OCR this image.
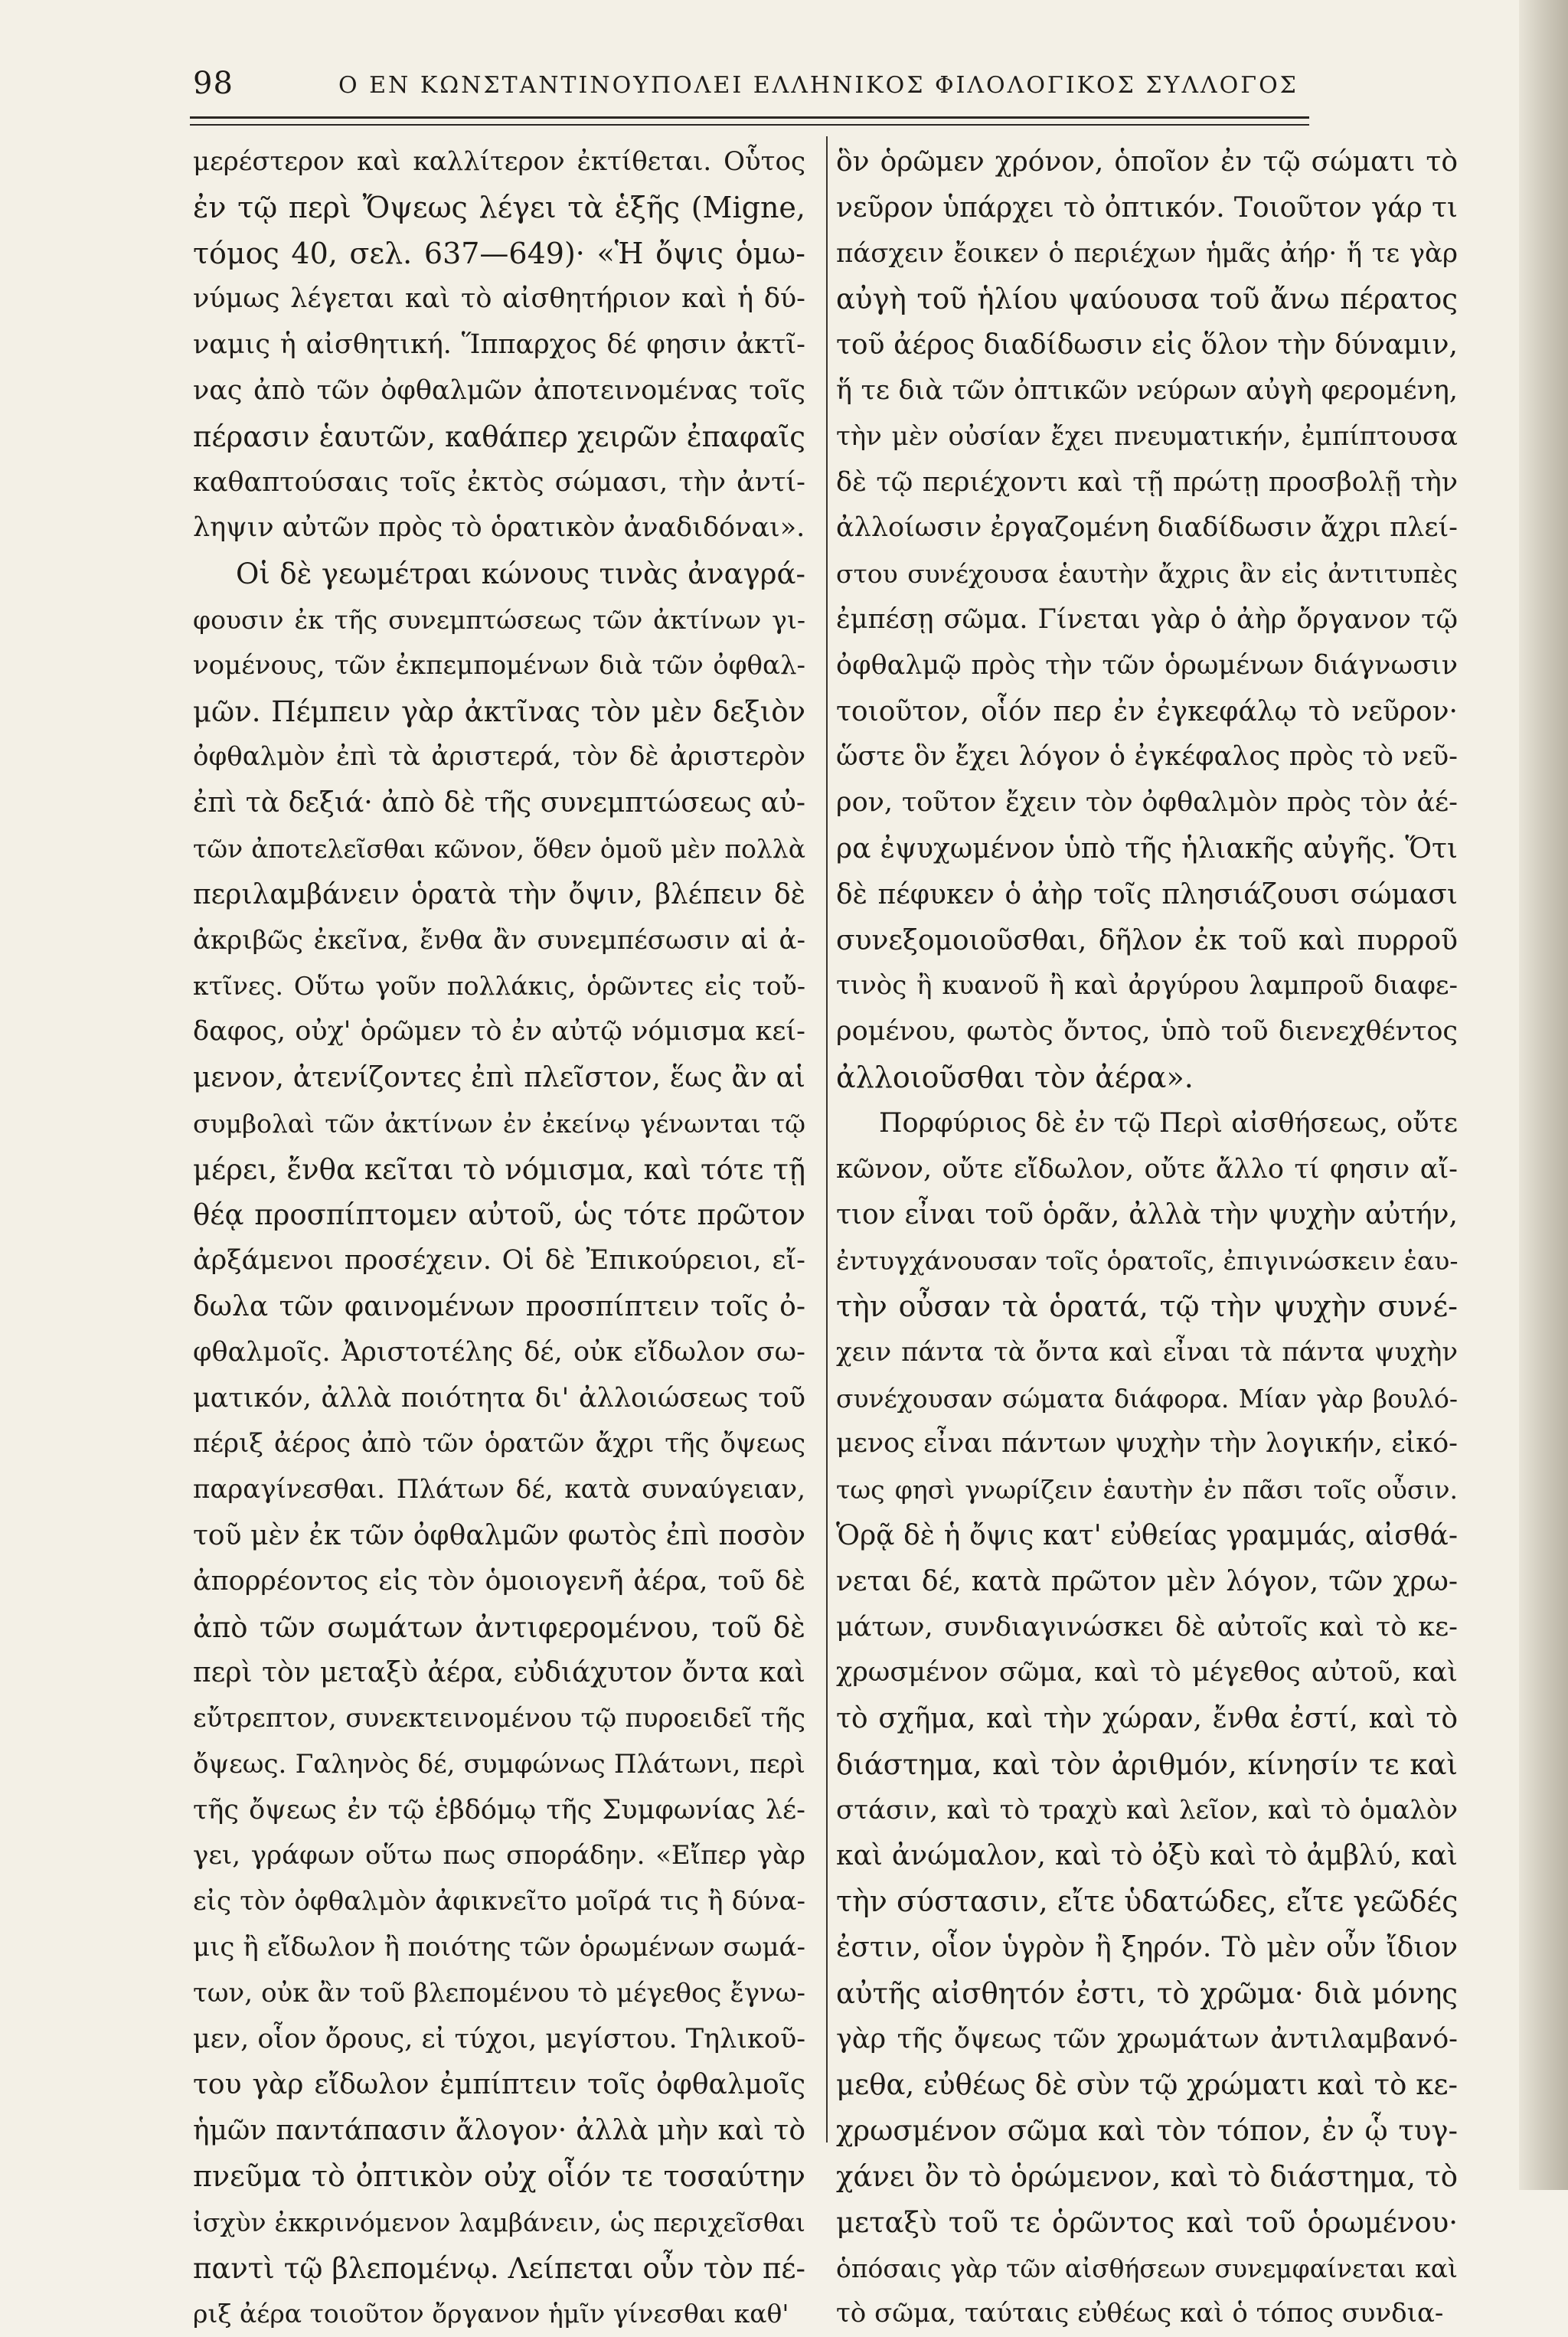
98	Ο ΕΝ ΚΩΝΣΤΑΝΤΙΝΟΥΠΟΛΕΙ ΕΛΛΗΝΙΚΟΣ ΦΙΛΟΛΟΓΙΚΟΣ ΣΥΛΛΟΓΟΣ
μερέστερον καὶ καλλίτερον ἐκτίθεται. Οὗτος
ἐν τῷ περὶ Ὄψεως λέγει τὰ ἑξῆς (Migne,
τόμος 40, σελ. 637—649)· «Ἡ ὄψις ὁμω-
νύμως λέγεται καὶ τὸ αἰσθητήριον καὶ ἡ δύ-
ναμις ἡ αἰσθητική. Ἵππαρχος δέ φησιν ἀκτῖ-
νας ἀπὸ τῶν ὀφθαλμῶν ἀποτεινομένας τοῖς
πέρασιν ἑαυτῶν, καθάπερ χειρῶν ἐπαφαῖς
καθαπτούσαις τοῖς ἐκτὸς σώμασι, τὴν ἀντί-
ληψιν αὐτῶν πρὸς τὸ ὁρατικὸν ἀναδιδόναι».
Οἱ δὲ γεωμέτραι κώνους τινὰς ἀναγρά-
φουσιν ἐκ τῆς συνεμπτώσεως τῶν ἀκτίνων γι-
νομένους, τῶν ἐκπεμπομένων διὰ τῶν ὀφθαλ-
μῶν. Πέμπειν γὰρ ἀκτῖνας τὸν μὲν δεξιὸν
ὀφθαλμὸν ἐπὶ τὰ ἀριστερά, τὸν δὲ ἀριστερὸν
ἐπὶ τὰ δεξιά· ἀπὸ δὲ τῆς συνεμπτώσεως αὐ-
τῶν ἀποτελεῖσθαι κῶνον, ὅθεν ὁμοῦ μὲν πολλὰ
περιλαμβάνειν ὁρατὰ τὴν ὄψιν, βλέπειν δὲ
ἀκριβῶς ἐκεῖνα, ἔνθα ἂν συνεμπέσωσιν αἱ ἀ-
κτῖνες. Οὕτω γοῦν πολλάκις, ὁρῶντες εἰς τοὔ-
δαφος, οὐχ' ὁρῶμεν τὸ ἐν αὐτῷ νόμισμα κεί-
μενον, ἀτενίζοντες ἐπὶ πλεῖστον, ἕως ἂν αἱ
συμβολαὶ τῶν ἀκτίνων ἐν ἐκείνῳ γένωνται τῷ
μέρει, ἔνθα κεῖται τὸ νόμισμα, καὶ τότε τῇ
θέᾳ προσπίπτομεν αὐτοῦ, ὡς τότε πρῶτον
ἀρξάμενοι προσέχειν. Οἱ δὲ Ἐπικούρειοι, εἴ-
δωλα τῶν φαινομένων προσπίπτειν τοῖς ὀ-
φθαλμοῖς. Ἀριστοτέλης δέ, οὐκ εἴδωλον σω-
ματικόν, ἀλλὰ ποιότητα δι' ἀλλοιώσεως τοῦ
πέριξ ἀέρος ἀπὸ τῶν ὁρατῶν ἄχρι τῆς ὄψεως
παραγίνεσθαι. Πλάτων δέ, κατὰ συναύγειαν,
τοῦ μὲν ἐκ τῶν ὀφθαλμῶν φωτὸς ἐπὶ ποσὸν
ἀπορρέοντος εἰς τὸν ὁμοιογενῆ ἀέρα, τοῦ δὲ
ἀπὸ τῶν σωμάτων ἀντιφερομένου, τοῦ δὲ
περὶ τὸν μεταξὺ ἀέρα, εὐδιάχυτον ὄντα καὶ
εὔτρεπτον, συνεκτεινομένου τῷ πυροειδεῖ τῆς
ὄψεως. Γαληνὸς δέ, συμφώνως Πλάτωνι, περὶ
τῆς ὄψεως ἐν τῷ ἑβδόμῳ τῆς Συμφωνίας λέ-
γει, γράφων οὕτω πως σποράδην. «Εἴπερ γὰρ
εἰς τὸν ὀφθαλμὸν ἀφικνεῖτο μοῖρά τις ἢ δύνα-
μις ἢ εἴδωλον ἢ ποιότης τῶν ὁρωμένων σωμά-
των, οὐκ ἂν τοῦ βλεπομένου τὸ μέγεθος ἔγνω-
μεν, οἷον ὄρους, εἰ τύχοι, μεγίστου. Τηλικοῦ-
του γὰρ εἴδωλον ἐμπίπτειν τοῖς ὀφθαλμοῖς
ἡμῶν παντάπασιν ἄλογον· ἀλλὰ μὴν καὶ τὸ
πνεῦμα τὸ ὀπτικὸν οὐχ οἷόν τε τοσαύτην
ἰσχὺν ἐκκρινόμενον λαμβάνειν, ὡς περιχεῖσθαι
παντὶ τῷ βλεπομένῳ. Λείπεται οὖν τὸν πέ-
ριξ ἀέρα τοιοῦτον ὄργανον ἡμῖν γίνεσθαι καθ'
ὃν ὁρῶμεν χρόνον, ὁποῖον ἐν τῷ σώματι τὸ
νεῦρον ὑπάρχει τὸ ὀπτικόν. Τοιοῦτον γάρ τι
πάσχειν ἔοικεν ὁ περιέχων ἡμᾶς ἀήρ· ἥ τε γὰρ
αὐγὴ τοῦ ἡλίου ψαύουσα τοῦ ἄνω πέρατος
τοῦ ἀέρος διαδίδωσιν εἰς ὅλον τὴν δύναμιν,
ἥ τε διὰ τῶν ὀπτικῶν νεύρων αὐγὴ φερομένη,
τὴν μὲν οὐσίαν ἔχει πνευματικήν, ἐμπίπτουσα
δὲ τῷ περιέχοντι καὶ τῇ πρώτῃ προσβολῇ τὴν
ἀλλοίωσιν ἐργαζομένη διαδίδωσιν ἄχρι πλεί-
στου συνέχουσα ἑαυτὴν ἄχρις ἂν εἰς ἀντιτυπὲς
ἐμπέσῃ σῶμα. Γίνεται γὰρ ὁ ἀὴρ ὄργανον τῷ
ὀφθαλμῷ πρὸς τὴν τῶν ὁρωμένων διάγνωσιν
τοιοῦτον, οἷόν περ ἐν ἐγκεφάλῳ τὸ νεῦρον·
ὥστε ὃν ἔχει λόγον ὁ ἐγκέφαλος πρὸς τὸ νεῦ-
ρον, τοῦτον ἔχειν τὸν ὀφθαλμὸν πρὸς τὸν ἀέ-
ρα ἐψυχωμένον ὑπὸ τῆς ἡλιακῆς αὐγῆς. Ὅτι
δὲ πέφυκεν ὁ ἀὴρ τοῖς πλησιάζουσι σώμασι
συνεξομοιοῦσθαι, δῆλον ἐκ τοῦ καὶ πυρροῦ
τινὸς ἢ κυανοῦ ἢ καὶ ἀργύρου λαμπροῦ διαφε-
ρομένου, φωτὸς ὄντος, ὑπὸ τοῦ διενεχθέντος
ἀλλοιοῦσθαι τὸν ἀέρα».
Πορφύριος δὲ ἐν τῷ Περὶ αἰσθήσεως, οὔτε
κῶνον, οὔτε εἴδωλον, οὔτε ἄλλο τί φησιν αἴ-
τιον εἶναι τοῦ ὁρᾶν, ἀλλὰ τὴν ψυχὴν αὐτήν,
ἐντυγχάνουσαν τοῖς ὁρατοῖς, ἐπιγινώσκειν ἑαυ-
τὴν οὖσαν τὰ ὁρατά, τῷ τὴν ψυχὴν συνέ-
χειν πάντα τὰ ὄντα καὶ εἶναι τὰ πάντα ψυχὴν
συνέχουσαν σώματα διάφορα. Μίαν γὰρ βουλό-
μενος εἶναι πάντων ψυχὴν τὴν λογικήν, εἰκό-
τως φησὶ γνωρίζειν ἑαυτὴν ἐν πᾶσι τοῖς οὖσιν.
Ὁρᾷ δὲ ἡ ὄψις κατ' εὐθείας γραμμάς, αἰσθά-
νεται δέ, κατὰ πρῶτον μὲν λόγον, τῶν χρω-
μάτων, συνδιαγινώσκει δὲ αὐτοῖς καὶ τὸ κε-
χρωσμένον σῶμα, καὶ τὸ μέγεθος αὐτοῦ, καὶ
τὸ σχῆμα, καὶ τὴν χώραν, ἔνθα ἐστί, καὶ τὸ
διάστημα, καὶ τὸν ἀριθμόν, κίνησίν τε καὶ
στάσιν, καὶ τὸ τραχὺ καὶ λεῖον, καὶ τὸ ὁμαλὸν
καὶ ἀνώμαλον, καὶ τὸ ὀξὺ καὶ τὸ ἀμβλύ, καὶ
τὴν σύστασιν, εἴτε ὑδατώδες, εἴτε γεῶδές
ἐστιν, οἷον ὑγρὸν ἢ ξηρόν. Τὸ μὲν οὖν ἴδιον
αὐτῆς αἰσθητόν ἐστι, τὸ χρῶμα· διὰ μόνης
γὰρ τῆς ὄψεως τῶν χρωμάτων ἀντιλαμβανό-
μεθα, εὐθέως δὲ σὺν τῷ χρώματι καὶ τὸ κε-
χρωσμένον σῶμα καὶ τὸν τόπον, ἐν ᾧ τυγ-
χάνει ὂν τὸ ὁρώμενον, καὶ τὸ διάστημα, τὸ
μεταξὺ τοῦ τε ὁρῶντος καὶ τοῦ ὁρωμένου·
ὁπόσαις γὰρ τῶν αἰσθήσεων συνεμφαίνεται καὶ
τὸ σῶμα, ταύταις εὐθέως καὶ ὁ τόπος συνδια-
